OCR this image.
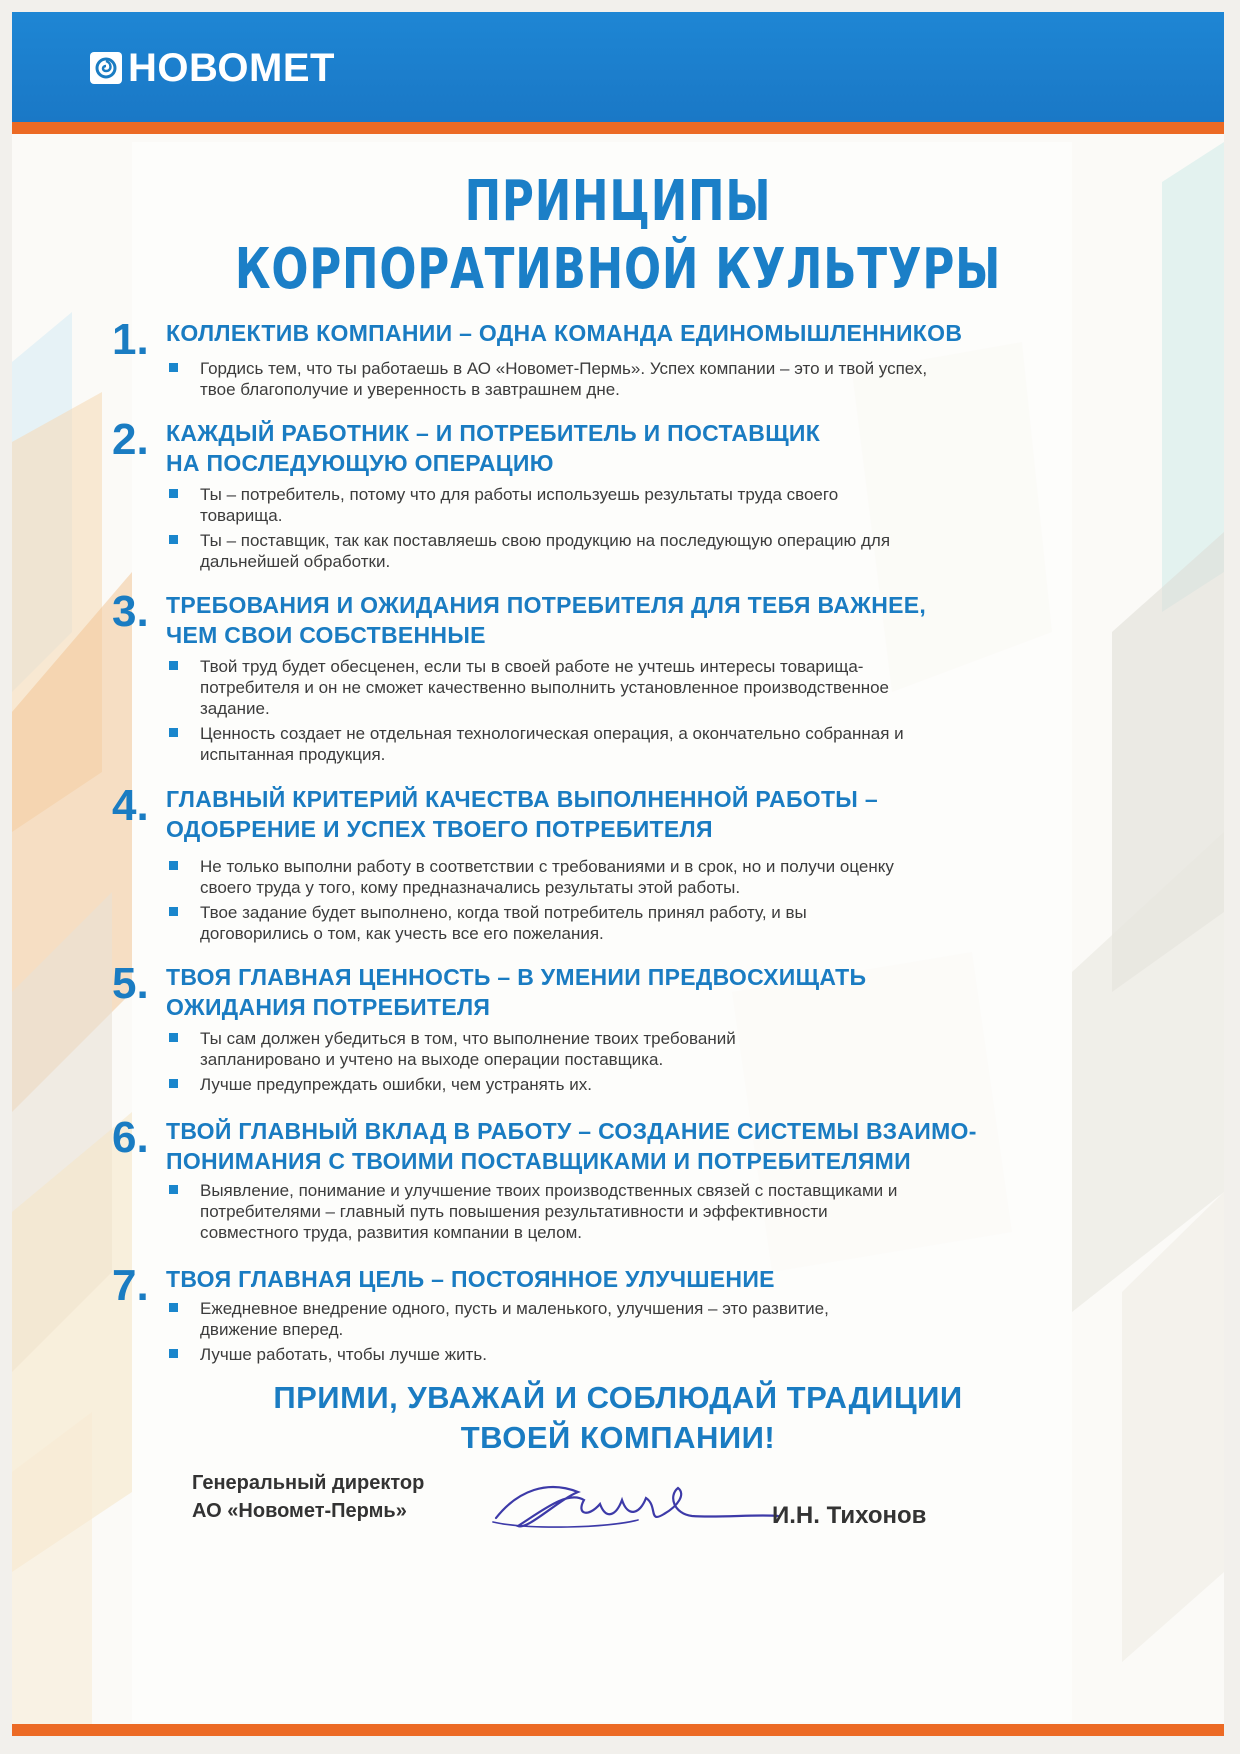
НОВОМЕТ
ПРИНЦИПЫ
КОРПОРАТИВНОЙ КУЛЬТУРЫ
1. КОЛЛЕКТИВ КОМПАНИИ – ОДНА КОМАНДА ЕДИНОМЫШЛЕННИКОВ
Гордись тем, что ты работаешь в АО «Новомет-Пермь». Успех компании – это и твой успех,
твое благополучие и уверенность в завтрашнем дне.
2. КАЖДЫЙ РАБОТНИК – И ПОТРЕБИТЕЛЬ И ПОСТАВЩИК
НА ПОСЛЕДУЮЩУЮ ОПЕРАЦИЮ
Ты – потребитель, потому что для работы используешь результаты труда своего
товарища.
Ты – поставщик, так как поставляешь свою продукцию на последующую операцию для
дальнейшей обработки.
3. ТРЕБОВАНИЯ И ОЖИДАНИЯ ПОТРЕБИТЕЛЯ ДЛЯ ТЕБЯ ВАЖНЕЕ,
ЧЕМ СВОИ СОБСТВЕННЫЕ
Твой труд будет обесценен, если ты в своей работе не учтешь интересы товарища-
потребителя и он не сможет качественно выполнить установленное производственное
задание.
Ценность создает не отдельная технологическая операция, а окончательно собранная и
испытанная продукция.
4. ГЛАВНЫЙ КРИТЕРИЙ КАЧЕСТВА ВЫПОЛНЕННОЙ РАБОТЫ –
ОДОБРЕНИЕ И УСПЕХ ТВОЕГО ПОТРЕБИТЕЛЯ
Не только выполни работу в соответствии с требованиями и в срок, но и получи оценку
своего труда у того, кому предназначались результаты этой работы.
Твое задание будет выполнено, когда твой потребитель принял работу, и вы
договорились о том, как учесть все его пожелания.
5. ТВОЯ ГЛАВНАЯ ЦЕННОСТЬ – В УМЕНИИ ПРЕДВОСХИЩАТЬ
ОЖИДАНИЯ ПОТРЕБИТЕЛЯ
Ты сам должен убедиться в том, что выполнение твоих требований
запланировано и учтено на выходе операции поставщика.
Лучше предупреждать ошибки, чем устранять их.
6. ТВОЙ ГЛАВНЫЙ ВКЛАД В РАБОТУ – СОЗДАНИЕ СИСТЕМЫ ВЗАИМО-
ПОНИМАНИЯ С ТВОИМИ ПОСТАВЩИКАМИ И ПОТРЕБИТЕЛЯМИ
Выявление, понимание и улучшение твоих производственных связей с поставщиками и
потребителями – главный путь повышения результативности и эффективности
совместного труда, развития компании в целом.
7. ТВОЯ ГЛАВНАЯ ЦЕЛЬ – ПОСТОЯННОЕ УЛУЧШЕНИЕ
Ежедневное внедрение одного, пусть и маленького, улучшения – это развитие,
движение вперед.
Лучше работать, чтобы лучше жить.
ПРИМИ, УВАЖАЙ И СОБЛЮДАЙ ТРАДИЦИИ
ТВОЕЙ КОМПАНИИ!
Генеральный директор
АО «Новомет-Пермь»	И.Н. Тихонов
